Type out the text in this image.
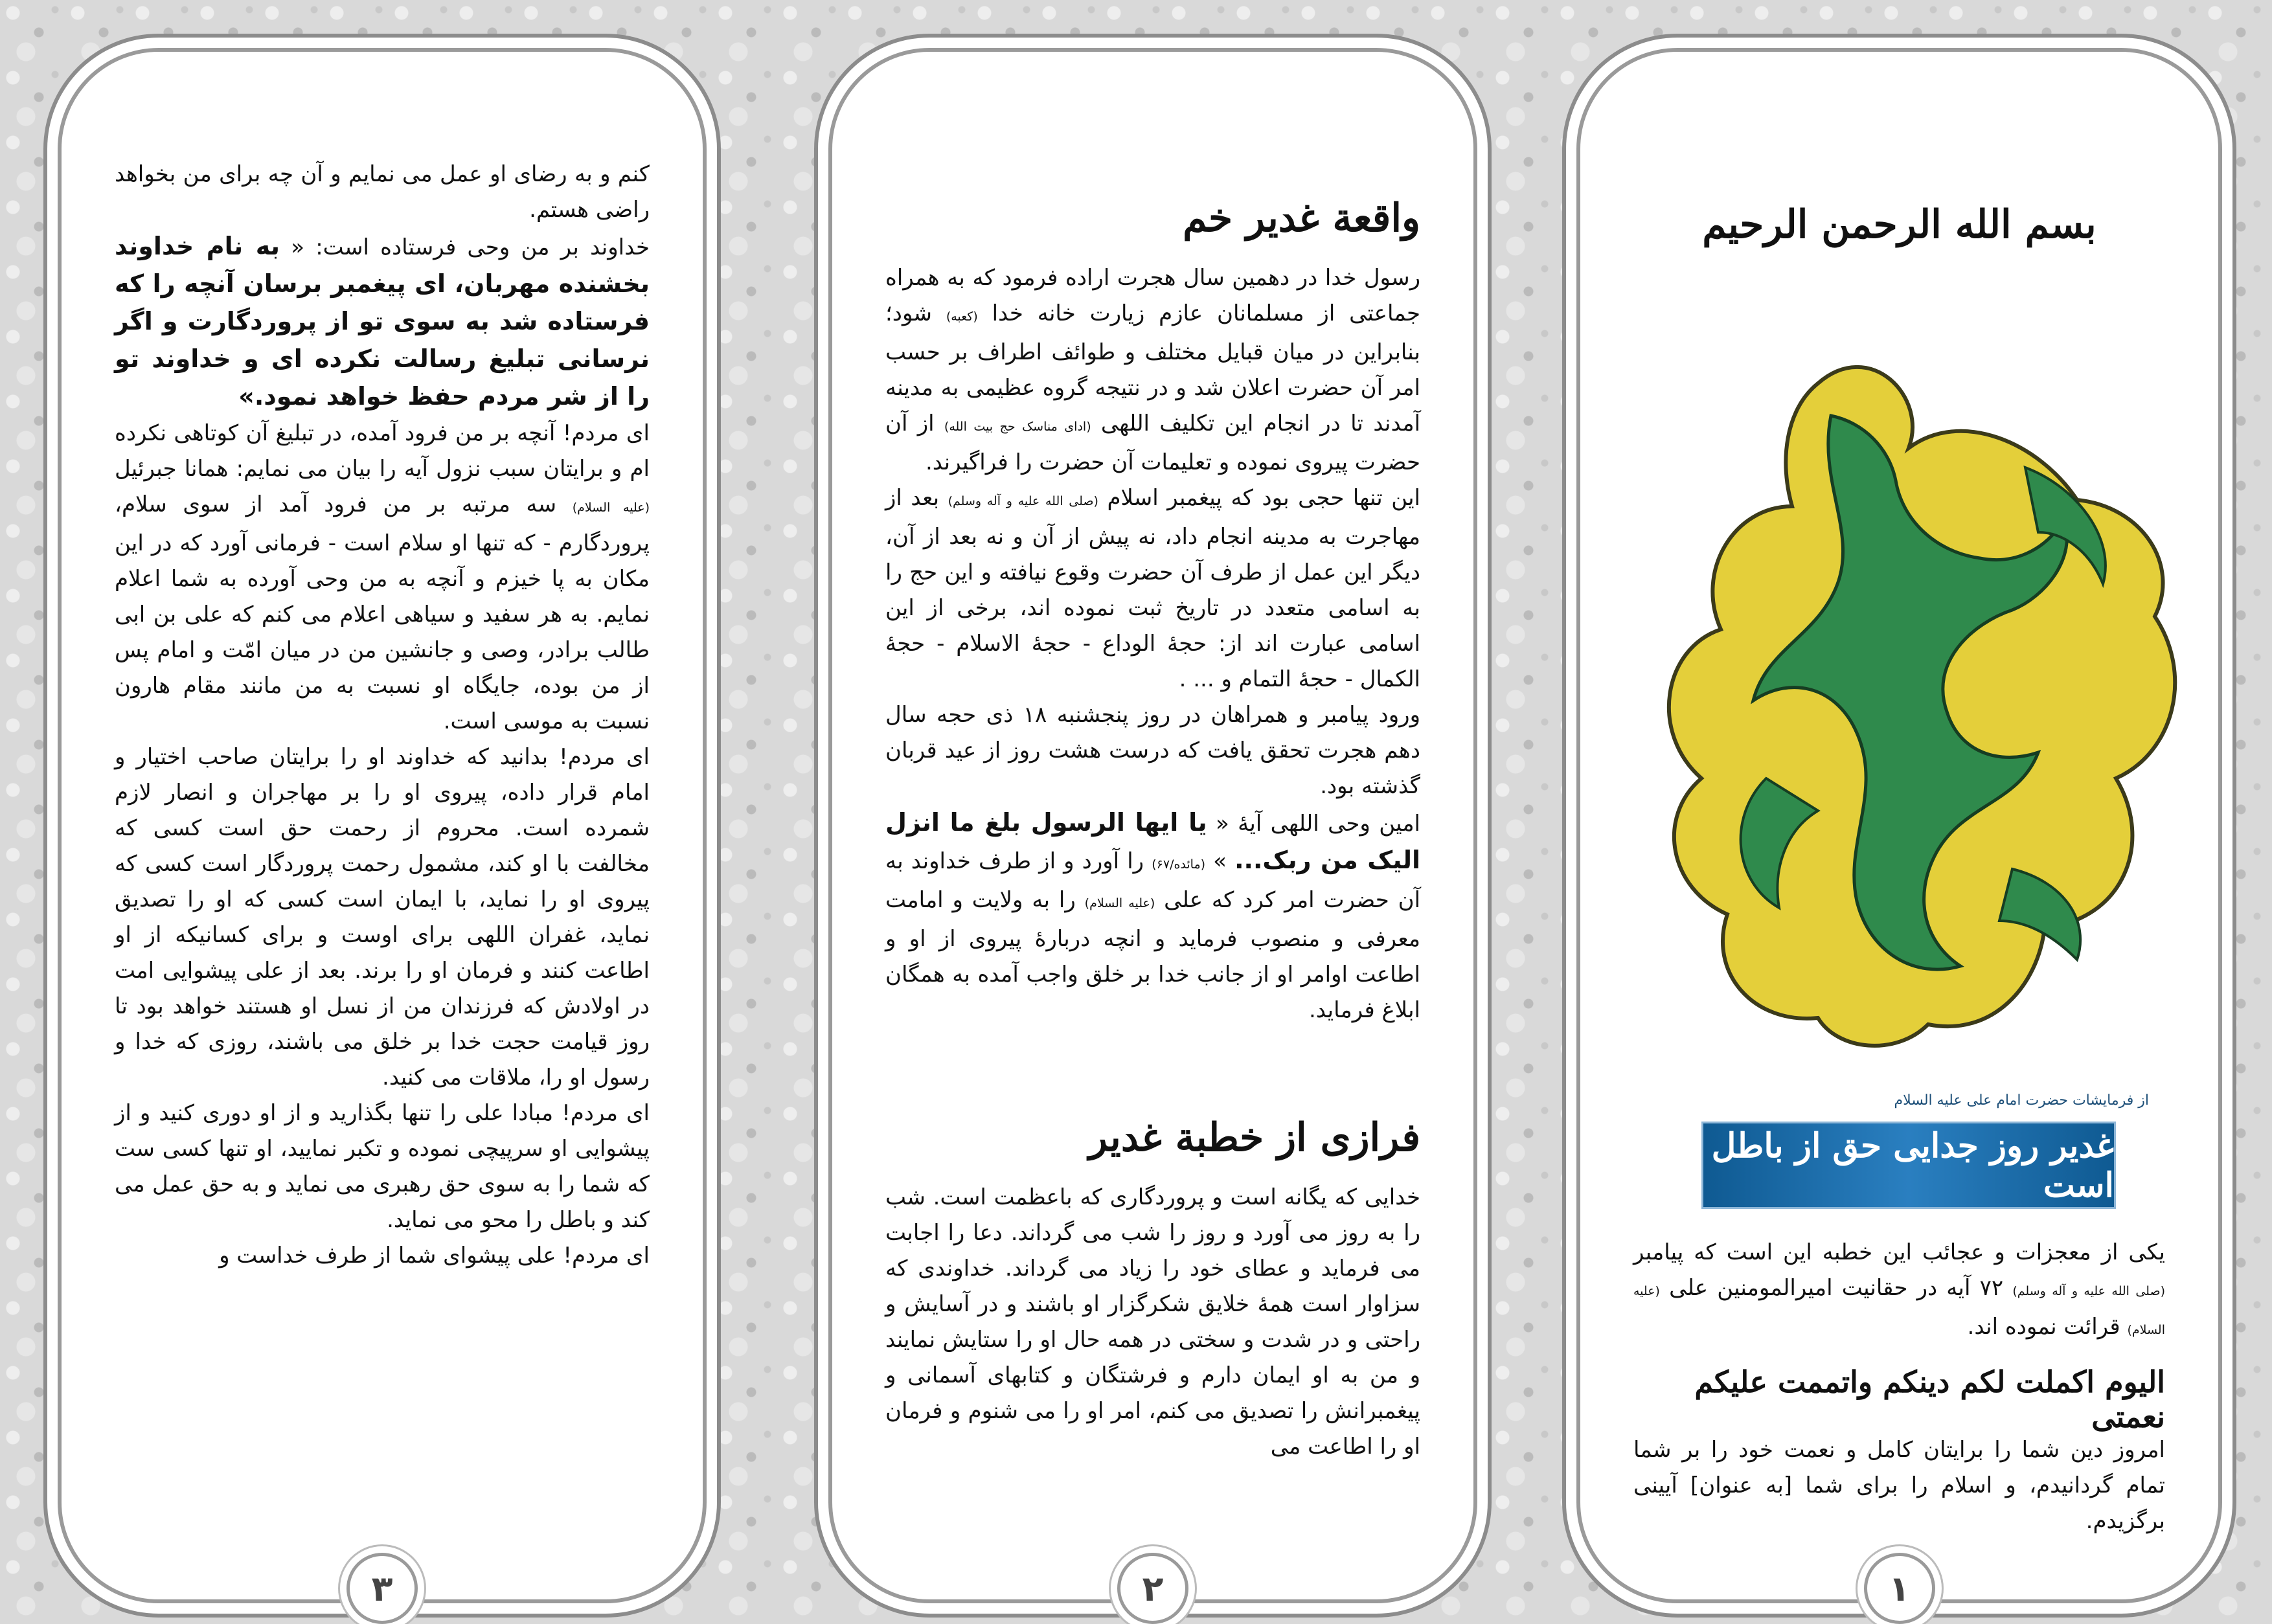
کنم و به رضای او عمل می نمایم و آن چه برای من بخواهد راضی هستم.

خداوند بر من وحی فرستاده است: « به نام خداوند بخشنده مهربان، ای پیغمبر برسان آنچه را که فرستاده شد به سوی تو از پروردگارت و اگر نرسانی تبلیغ رسالت نکرده ای و خداوند تو را از شر مردم حفظ خواهد نمود.»

ای مردم! آنچه بر من فرود آمده، در تبلیغ آن کوتاهی نکرده ام و برایتان سبب نزول آیه را بیان می نمایم: همانا جبرئیل (علیه السلام) سه مرتبه بر من فرود آمد از سوی سلام، پروردگارم - که تنها او سلام است - فرمانی آورد که در این مکان به پا خیزم و آنچه به من وحی آورده به شما اعلام نمایم. به هر سفید و سیاهی اعلام می کنم که علی بن ابی طالب برادر، وصی و جانشین من در میان امّت و امام پس از من بوده، جایگاه او نسبت به من مانند مقام هارون نسبت به موسی است.

ای مردم! بدانید که خداوند او را برایتان صاحب اختیار و امام قرار داده، پیروی او را بر مهاجران و انصار لازم شمرده است. محروم از رحمت حق است کسی که مخالفت با او کند، مشمول رحمت پروردگار است کسی که پیروی او را نماید، با ایمان است کسی که او را تصدیق نماید، غفران اللهی برای اوست و برای کسانیکه از او اطاعت کنند و فرمان او را برند. بعد از علی پیشوایی امت در اولادش که فرزندان من از نسل او هستند خواهد بود تا روز قیامت حجت خدا بر خلق می باشند، روزی که خدا و رسول او را، ملاقات می کنید.

ای مردم! مبادا علی را تنها بگذارید و از او دوری کنید و از پیشوایی او سرپیچی نموده و تکبر نمایید، او تنها کسی ست که شما را به سوی حق رهبری می نماید و به حق عمل می کند و باطل را محو می نماید.

ای مردم! علی پیشوای شما از طرف خداست و

۳
واقعة غدیر خم

رسول خدا در دهمین سال هجرت اراده فرمود که به همراه جماعتی از مسلمانان عازم زیارت خانه خدا (کعبه) شود؛ بنابراین در میان قبایل مختلف و طوائف اطراف بر حسب امر آن حضرت اعلان شد و در نتیجه گروه عظیمی به مدینه آمدند تا در انجام این تکلیف اللهی (ادای مناسک حج بیت الله) از آن حضرت پیروی نموده و تعلیمات آن حضرت را فراگیرند.

این تنها حجی بود که پیغمبر اسلام (صلی الله علیه و آله وسلم) بعد از مهاجرت به مدینه انجام داد، نه پیش از آن و نه بعد از آن، دیگر این عمل از طرف آن حضرت وقوع نیافته و این حج را به اسامی متعدد در تاریخ ثبت نموده اند، برخی از این اسامی عبارت اند از: حجهٔ الوداع - حجهٔ الاسلام - حجهٔ الکمال - حجهٔ التمام و ... .

ورود پیامبر و همراهان در روز پنجشنبه ۱۸ ذی حجه سال دهم هجرت تحقق یافت که درست هشت روز از عید قربان گذشته بود.

امین وحی اللهی آیهٔ « یا ایها الرسول بلغ ما انزل الیک من ربک... » (مائده/۶۷) را آورد و از طرف خداوند به آن حضرت امر کرد که علی (علیه السلام) را به ولایت و امامت معرفی و منصوب فرماید و انچه دربارهٔ پیروی از او و اطاعت اوامر او از جانب خدا بر خلق واجب آمده به همگان ابلاغ فرماید.

فرازی از خطبة غدیر

خدایی که یگانه است و پروردگاری که باعظمت است. شب را به روز می آورد و روز را شب می گرداند. دعا را اجابت می فرماید و عطای خود را زیاد می گرداند. خداوندی که سزاوار است همهٔ خلایق شکرگزار او باشند و در آسایش و راحتی و در شدت و سختی در همه حال او را ستایش نمایند و من به او ایمان دارم و فرشتگان و کتابهای آسمانی و پیغمبرانش را تصدیق می کنم، امر او را می شنوم و فرمان او را اطاعت می

۲
بسم الله الرحمن الرحیم
از فرمایشات حضرت امام علی علیه السلام
غدیر روز جدایی حق از باطل است

یکی از معجزات و عجائب این خطبه این است که پیامبر (صلی الله علیه و آله وسلم) ۷۲ آیه در حقانیت امیرالمومنین علی (علیه السلام) قرائت نموده اند.

الیوم اکملت لکم دینکم واتممت علیکم نعمتی

امروز دین شما را برایتان کامل و نعمت خود را بر شما تمام گردانیدم، و اسلام را برای شما [به عنوان] آیینی برگزیدم.

۱
